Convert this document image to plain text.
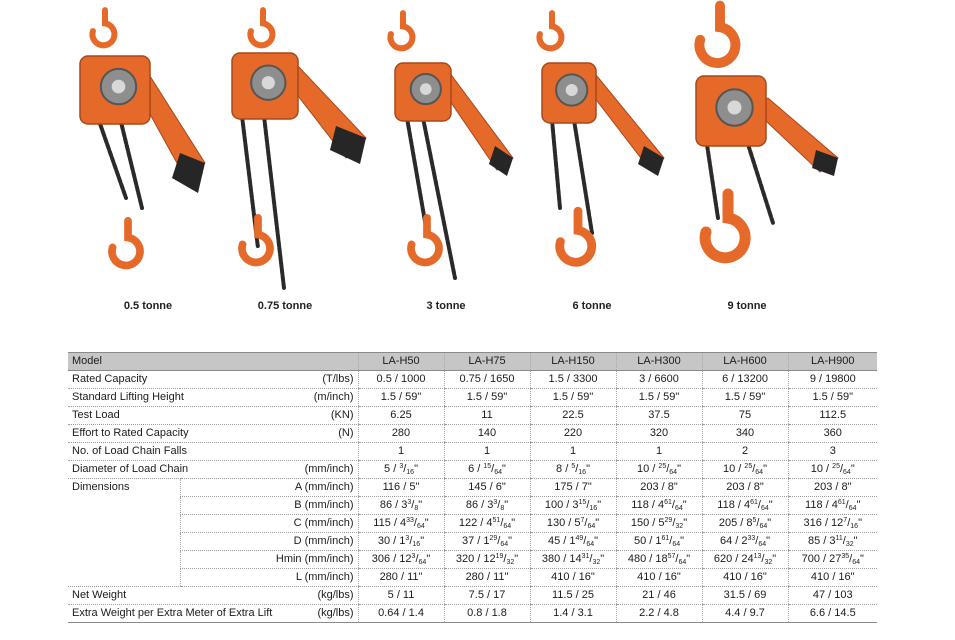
0.5 tonne	0.75 tonne	3 tonne	6 tonne	9 tonne
Model		LA-H50	LA-H75	LA-H150	LA-H300	LA-H600	LA-H900
Rated Capacity	(T/lbs)	0.5 / 1000	0.75 / 1650	1.5 / 3300	3 / 6600	6 / 13200	9 / 19800
Standard Lifting Height	(m/inch)	1.5 / 59"	1.5 / 59"	1.5 / 59"	1.5 / 59"	1.5 / 59"	1.5 / 59"
Test Load	(KN)	6.25	11	22.5	37.5	75	112.5
Effort to Rated Capacity	(N)	280	140	220	320	340	360
No. of Load Chain Falls		1	1	1	1	2	3
Diameter of Load Chain	(mm/inch)	$5 / ^3/_{16}$"	$6 / ^{15}/_{64}$"	$8 / ^5/_{16}$"	$10 / ^{25}/_{64}$"	$10 / ^{25}/_{64}$"	$10 / ^{25}/_{64}$"
Dimensions	A (mm/inch)	116 / 5"	145 / 6"	175 / 7"	203 / 8"	203 / 8"	203 / 8"
	B (mm/inch)	$86 / 3^3/_8$"	$86 / 3^3/_8$"	$100 / 3^{15}/_{16}$"	$118 / 4^{61}/_{64}$"	$118 / 4^{61}/_{64}$"	$118 / 4^{61}/_{64}$"
	C (mm/inch)	$115 / 4^{33}/_{64}$"	$122 / 4^{51}/_{64}$"	$130 / 5^7/_{64}$"	$150 / 5^{29}/_{32}$"	$205 / 8^5/_{64}$"	$316 / 12^7/_{16}$"
	D (mm/inch)	$30 / 1^3/_{16}$"	$37 / 1^{29}/_{64}$"	$45 / 1^{49}/_{64}$"	$50 / 1^{61}/_{64}$"	$64 / 2^{33}/_{64}$"	$85 / 3^{11}/_{32}$"
	Hmin (mm/inch)	$306 / 12^3/_{64}$"	$320 / 12^{19}/_{32}$"	$380 / 14^{31}/_{32}$"	$480 / 18^{57}/_{64}$"	$620 / 24^{13}/_{32}$"	$700 / 27^{35}/_{64}$"
	L (mm/inch)	280 / 11"	280 / 11"	410 / 16"	410 / 16"	410 / 16"	410 / 16"
Net Weight	(kg/lbs)	5 / 11	7.5 / 17	11.5 / 25	21 / 46	31.5 / 69	47 / 103
Extra Weight per Extra Meter of Extra Lift	(kg/lbs)	0.64 / 1.4	0.8 / 1.8	1.4 / 3.1	2.2 / 4.8	4.4 / 9.7	6.6 / 14.5
